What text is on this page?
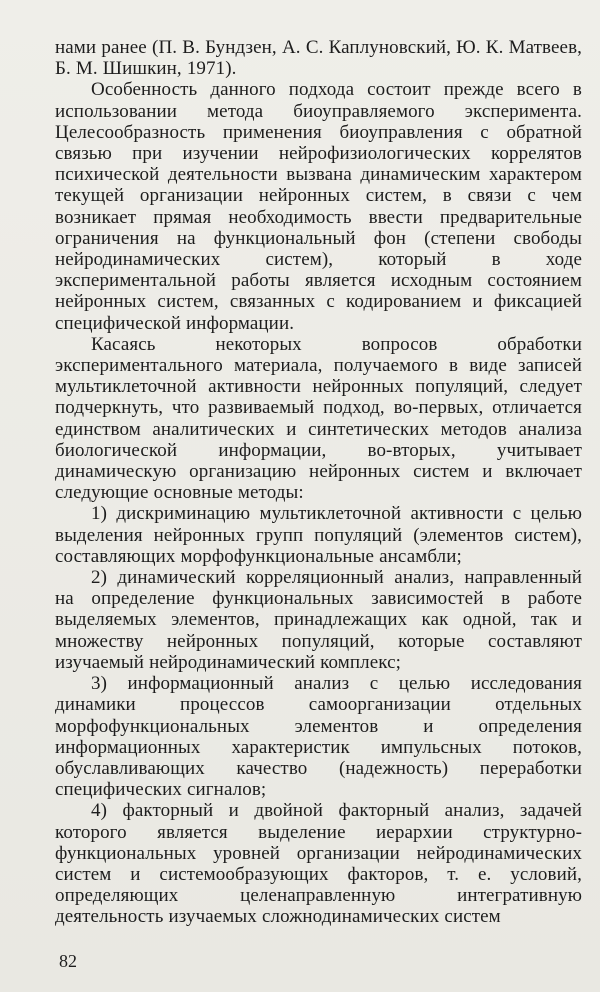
нами ранее (П. В. Бундзен, А. С. Каплуновский, Ю. К. Матвеев, Б. М. Шишкин, 1971).

Особенность данного подхода состоит прежде всего в использовании метода биоуправляемого эксперимента. Целесообразность применения биоуправления с обратной связью при изучении нейрофизиологических коррелятов психической деятельности вызвана динамическим характером текущей организации нейронных систем, в связи с чем возникает прямая необходимость ввести предварительные ограничения на функциональный фон (степени свободы нейродинамических систем), который в ходе экспериментальной работы является исходным состоянием нейронных систем, связанных с кодированием и фиксацией специфической информации.

Касаясь некоторых вопросов обработки экспериментального материала, получаемого в виде записей мультиклеточной активности нейронных популяций, следует подчеркнуть, что развиваемый подход, во-первых, отличается единством аналитических и синтетических методов анализа биологической информации, во-вторых, учитывает динамическую организацию нейронных систем и включает следующие основные методы:

1) дискриминацию мультиклеточной активности с целью выделения нейронных групп популяций (элементов систем), составляющих морфофункциональные ансамбли;

2) динамический корреляционный анализ, направленный на определение функциональных зависимостей в работе выделяемых элементов, принадлежащих как одной, так и множеству нейронных популяций, которые составляют изучаемый нейродинамический комплекс;

3) информационный анализ с целью исследования динамики процессов самоорганизации отдельных морфофункциональных элементов и определения информационных характеристик импульсных потоков, обуславливающих качество (надежность) переработки специфических сигналов;

4) факторный и двойной факторный анализ, задачей которого является выделение иерархии структурно-функциональных уровней организации нейродинамических систем и системообразующих факторов, т. е. условий, определяющих целенаправленную интегративную деятельность изучаемых сложнодинамических систем

82
